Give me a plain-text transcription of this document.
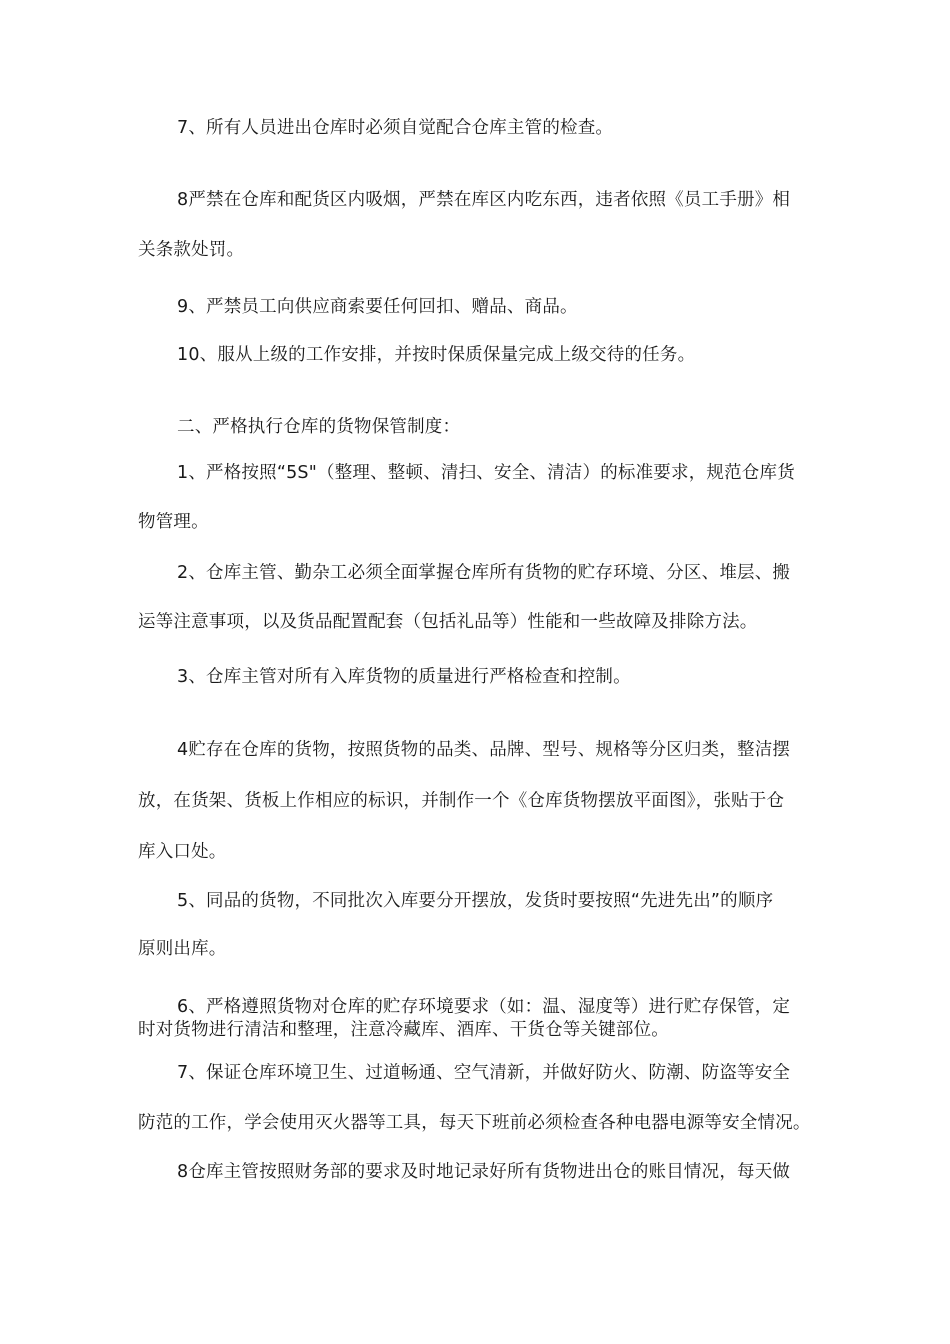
7、所有人员进出仓库时必须自觉配合仓库主管的检查。
8严禁在仓库和配货区内吸烟，严禁在库区内吃东西，违者依照《员工手册》相
关条款处罚。
9、严禁员工向供应商索要任何回扣、赠品、商品。
10、服从上级的工作安排，并按时保质保量完成上级交待的任务。
二、严格执行仓库的货物保管制度：
1、严格按照“5S"（整理、整顿、清扫、安全、清洁）的标准要求，规范仓库货
物管理。
2、仓库主管、勤杂工必须全面掌握仓库所有货物的贮存环境、分区、堆层、搬
运等注意事项，以及货品配置配套（包括礼品等）性能和一些故障及排除方法。
3、仓库主管对所有入库货物的质量进行严格检查和控制。
4贮存在仓库的货物，按照货物的品类、品牌、型号、规格等分区归类，整洁摆
放，在货架、货板上作相应的标识，并制作一个《仓库货物摆放平面图》，张贴于仓
库入口处。
5、同品的货物，不同批次入库要分开摆放，发货时要按照“先进先出”的顺序
原则出库。
6、严格遵照货物对仓库的贮存环境要求（如：温、湿度等）进行贮存保管，定
时对货物进行清洁和整理，注意冷藏库、酒库、干货仓等关键部位。
7、保证仓库环境卫生、过道畅通、空气清新，并做好防火、防潮、防盗等安全
防范的工作，学会使用灭火器等工具，每天下班前必须检查各种电器电源等安全情况。
8仓库主管按照财务部的要求及时地记录好所有货物进出仓的账目情况，每天做
